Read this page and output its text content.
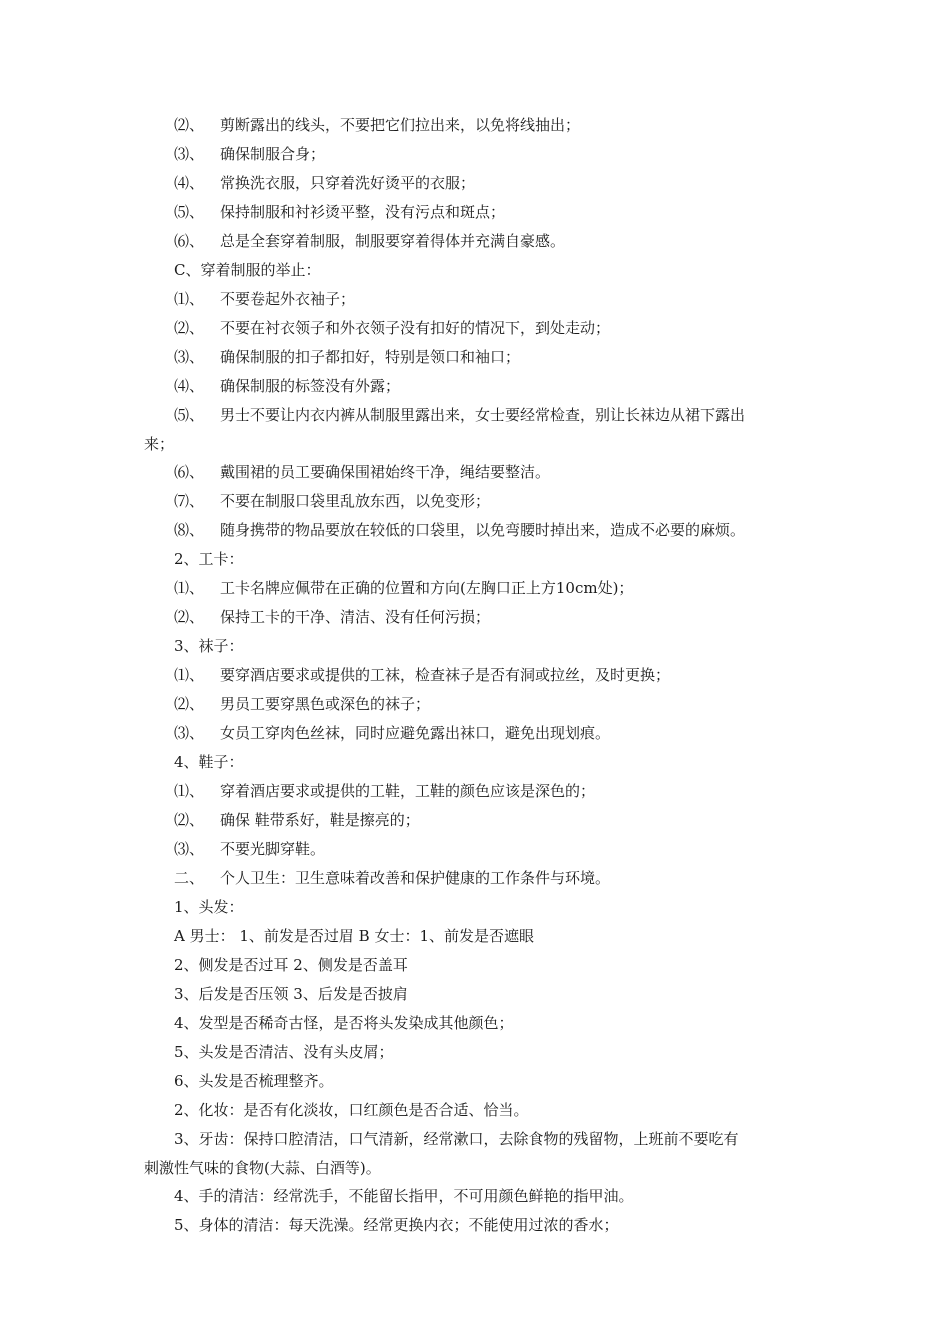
⑵、 剪断露出的线头，不要把它们拉出来，以免将线抽出；
⑶、 确保制服合身；
⑷、 常换洗衣服，只穿着洗好烫平的衣服；
⑸、 保持制服和衬衫烫平整，没有污点和斑点；
⑹、 总是全套穿着制服，制服要穿着得体并充满自豪感。
C、穿着制服的举止：
⑴、 不要卷起外衣袖子；
⑵、 不要在衬衣领子和外衣领子没有扣好的情况下，到处走动；
⑶、 确保制服的扣子都扣好，特别是领口和袖口；
⑷、 确保制服的标签没有外露；
⑸、 男士不要让内衣内裤从制服里露出来，女士要经常检查，别让长袜边从裙下露出
来；
⑹、 戴围裙的员工要确保围裙始终干净，绳结要整洁。
⑺、 不要在制服口袋里乱放东西，以免变形；
⑻、 随身携带的物品要放在较低的口袋里，以免弯腰时掉出来，造成不必要的麻烦。
2、工卡：
⑴、 工卡名牌应佩带在正确的位置和方向(左胸口正上方10cm处)；
⑵、 保持工卡的干净、清洁、没有任何污损；
3、袜子：
⑴、 要穿酒店要求或提供的工袜，检查袜子是否有洞或拉丝，及时更换；
⑵、 男员工要穿黑色或深色的袜子；
⑶、 女员工穿肉色丝袜，同时应避免露出袜口，避免出现划痕。
4、鞋子：
⑴、 穿着酒店要求或提供的工鞋，工鞋的颜色应该是深色的；
⑵、 确保 鞋带系好，鞋是擦亮的；
⑶、 不要光脚穿鞋。
二、 个人卫生：卫生意味着改善和保护健康的工作条件与环境。
1、头发：
A 男士： 1、前发是否过眉 B 女士：1、前发是否遮眼
2、侧发是否过耳 2、侧发是否盖耳
3、后发是否压领 3、后发是否披肩
4、发型是否稀奇古怪，是否将头发染成其他颜色；
5、头发是否清洁、没有头皮屑；
6、头发是否梳理整齐。
2、化妆：是否有化淡妆，口红颜色是否合适、恰当。
3、牙齿：保持口腔清洁，口气清新，经常漱口，去除食物的残留物，上班前不要吃有
刺激性气味的食物(大蒜、白酒等)。
4、手的清洁：经常洗手，不能留长指甲，不可用颜色鲜艳的指甲油。
5、身体的清洁：每天洗澡。经常更换内衣；不能使用过浓的香水；
